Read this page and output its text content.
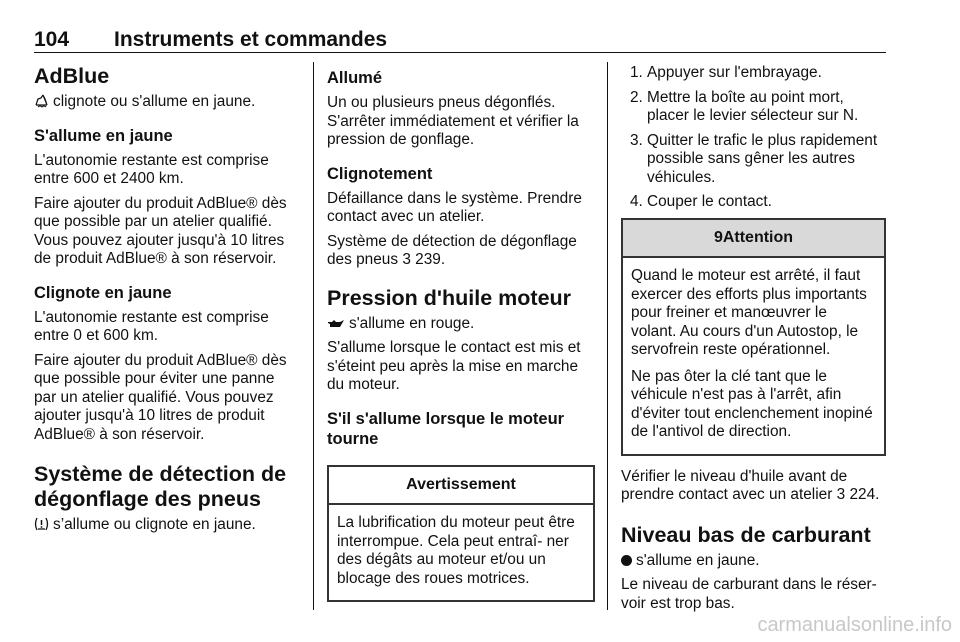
104 Instruments et commandes
AdBlue
clignote ou s'allume en jaune.
S'allume en jaune
L'autonomie restante est comprise entre 600 et 2400 km.
Faire ajouter du produit AdBlue® dès que possible par un atelier qualifié. Vous pouvez ajouter jusqu'à 10 litres de produit AdBlue® à son réservoir.
Clignote en jaune
L'autonomie restante est comprise entre 0 et 600 km.
Faire ajouter du produit AdBlue® dès que possible pour éviter une panne par un atelier qualifié. Vous pouvez ajouter jusqu'à 10 litres de produit AdBlue® à son réservoir.
Système de détection de dégonflage des pneus
s’allume ou clignote en jaune.
Allumé
Un ou plusieurs pneus dégonflés. S'arrêter immédiatement et vérifier la pression de gonflage.
Clignotement
Défaillance dans le système. Prendre contact avec un atelier.
Système de détection de dégonflage des pneus 3 239.
Pression d'huile moteur
s'allume en rouge.
S'allume lorsque le contact est mis et s'éteint peu après la mise en marche du moteur.
S'il s'allume lorsque le moteur tourne
Avertissement
La lubrification du moteur peut être interrompue. Cela peut entraî- ner des dégâts au moteur et/ou un blocage des roues motrices.
1. Appuyer sur l'embrayage.
2. Mettre la boîte au point mort, placer le levier sélecteur sur N.
3. Quitter le trafic le plus rapidement possible sans gêner les autres véhicules.
4. Couper le contact.
9Attention
Quand le moteur est arrêté, il faut exercer des efforts plus importants pour freiner et manœuvrer le volant. Au cours d'un Autostop, le servofrein reste opérationnel.
Ne pas ôter la clé tant que le véhicule n'est pas à l'arrêt, afin d'éviter tout enclenchement inopiné de l'antivol de direction.
Vérifier le niveau d'huile avant de prendre contact avec un atelier 3 224.
Niveau bas de carburant
s'allume en jaune.
Le niveau de carburant dans le réser- voir est trop bas.
carmanualsonline.info
